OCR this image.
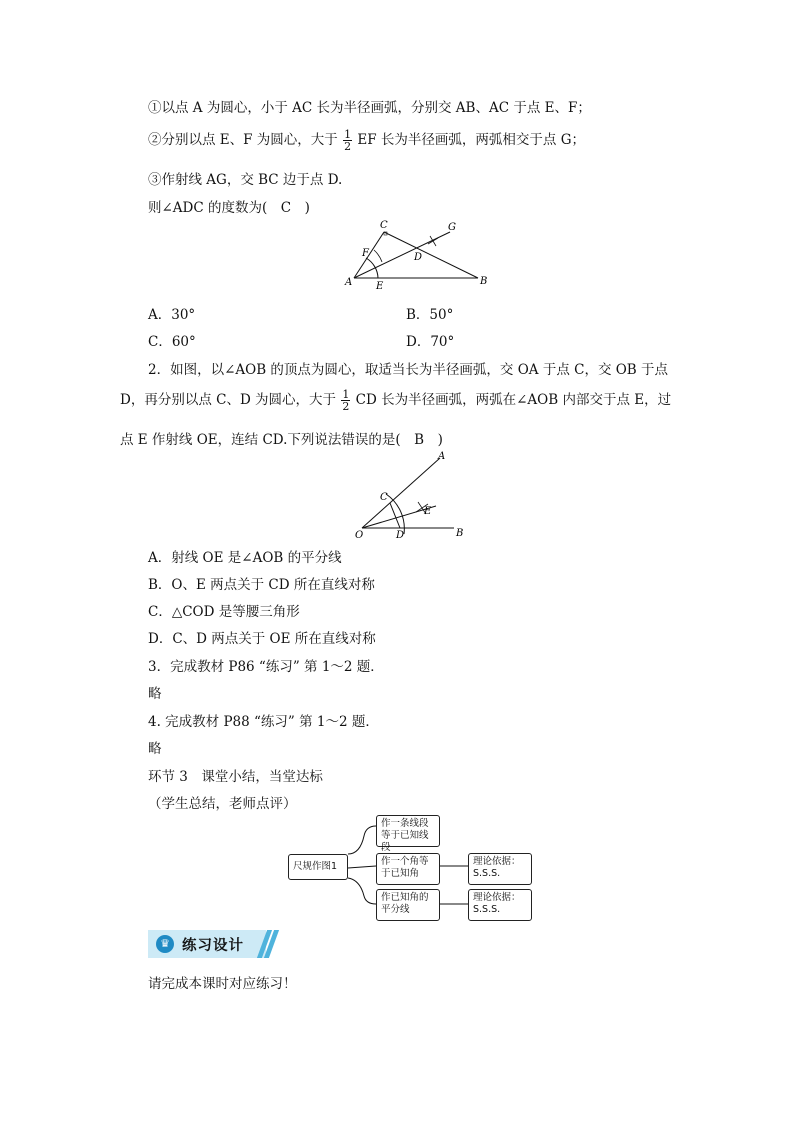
①以点 A 为圆心，小于 AC 长为半径画弧，分别交 AB、AC 于点 E、F；
②分别以点 E、F 为圆心，大于 $\frac{1}{2}$ EF 长为半径画弧，两弧相交于点 G；
③作射线 AG，交 BC 边于点 D.
则∠ADC 的度数为(　C　)
C	G
F	D
A E	B
A．30°	B．50°
C．60°	D．70°
2．如图，以∠AOB 的顶点为圆心，取适当长为半径画弧，交 OA 于点 C，交 OB 于点
D，再分别以点 C、D 为圆心，大于 $\frac{1}{2}$ CD 长为半径画弧，两弧在∠AOB 内部交于点 E，过
点 E 作射线 OE，连结 CD.下列说法错误的是(　B　)
A
C
E
O	D	B
A．射线 OE 是∠AOB 的平分线
B．O、E 两点关于 CD 所在直线对称
C．△COD 是等腰三角形
D．C、D 两点关于 OE 所在直线对称
3．完成教材 P86 “练习” 第 1～2 题．
略
4. 完成教材 P88 “练习” 第 1～2 题．
略
环节 3　课堂小结，当堂达标
（学生总结，老师点评）
尺规作图1
作一条线段等于已知线段
作一个角等于已知角
作已知角的平分线
理论依据：S.S.S.
理论依据：S.S.S.
♛ 练习设计
请完成本课时对应练习！
